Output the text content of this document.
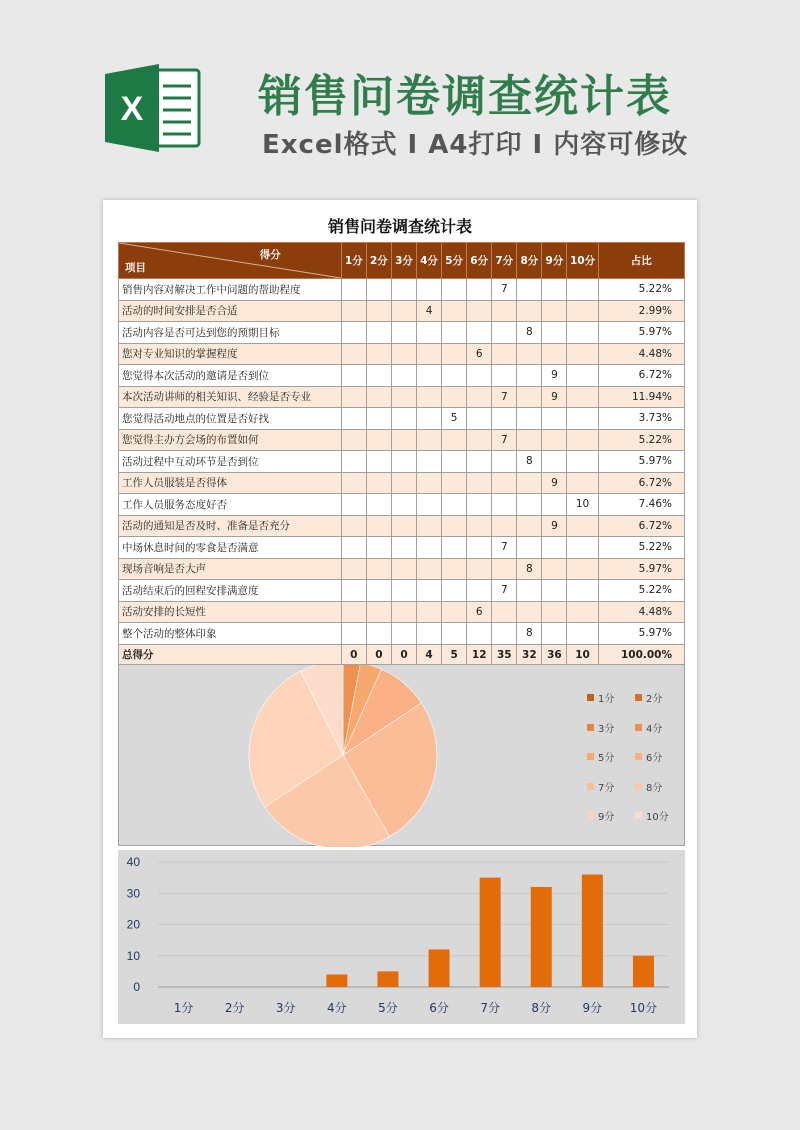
X	销售问卷调查统计表
Excel格式 Ⅰ A4打印 Ⅰ 内容可修改
销售问卷调查统计表
得分
项目	1分	2分	3分	4分	5分	6分	7分	8分	9分	10分	占比
销售内容对解决工作中问题的帮助程度							7				5.22%
活动的时间安排是否合适				4							2.99%
活动内容是否可达到您的预期目标								8			5.97%
您对专业知识的掌握程度						6					4.48%
您觉得本次活动的邀请是否到位									9		6.72%
本次活动讲师的相关知识、经验是否专业							7		9		11.94%
您觉得活动地点的位置是否好找					5						3.73%
您觉得主办方会场的布置如何							7				5.22%
活动过程中互动环节是否到位								8			5.97%
工作人员服装是否得体									9		6.72%
工作人员服务态度好否										10	7.46%
活动的通知是否及时、准备是否充分									9		6.72%
中场休息时间的零食是否满意							7				5.22%
现场音响是否大声								8			5.97%
活动结束后的回程安排满意度							7				5.22%
活动安排的长短性						6					4.48%
整个活动的整体印象								8			5.97%
总得分	0	0	0	4	5	12	35	32	36	10	100.00%
1分	2分
3分	4分
5分	6分
7分	8分
9分	10分
0
10
20
30
40
1分	2分	3分	4分	5分	6分	7分	8分	9分 10分
